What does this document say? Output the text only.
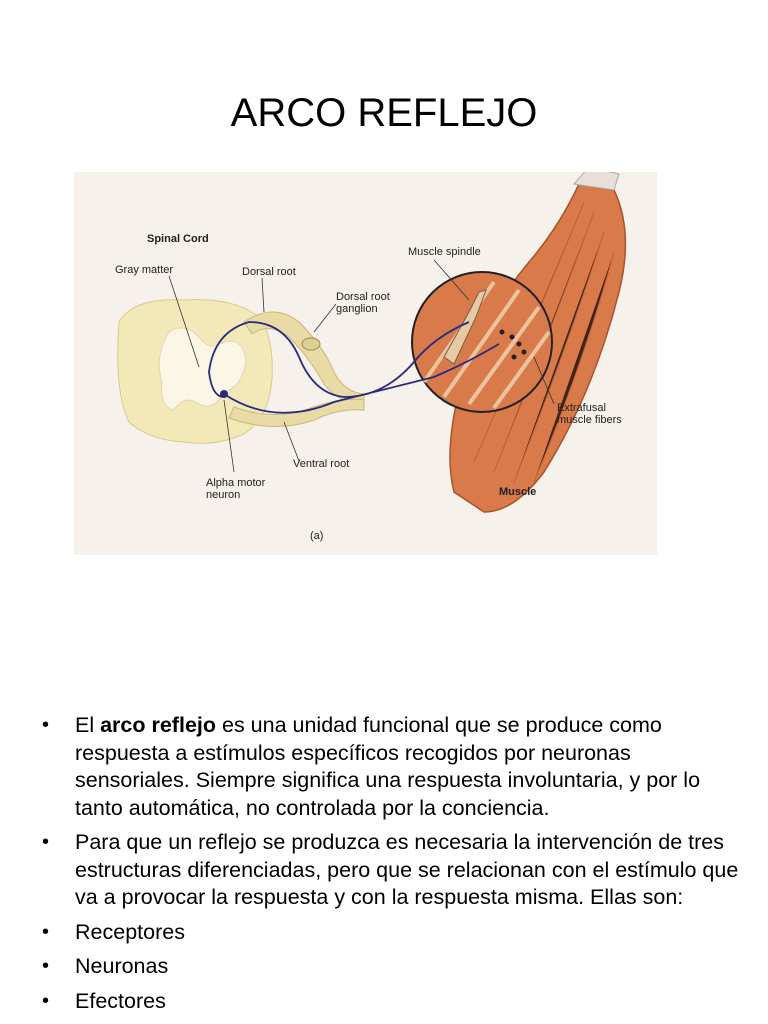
ARCO REFLEJO
Spinal Cord
Gray matter	Dorsal root
Dorsal root
ganglion
Muscle spindle
Extrafusal
muscle fibers
Ventral root
Alpha motor
neuron	Muscle
(a)
• El arco reflejo es una unidad funcional que se produce como respuesta a estímulos específicos recogidos por neuronas sensoriales. Siempre significa una respuesta involuntaria, y por lo tanto automática, no controlada por la conciencia.
• Para que un reflejo se produzca es necesaria la intervención de tres estructuras diferenciadas, pero que se relacionan con el estímulo que va a provocar la respuesta y con la respuesta misma. Ellas son:
• Receptores
• Neuronas
• Efectores
